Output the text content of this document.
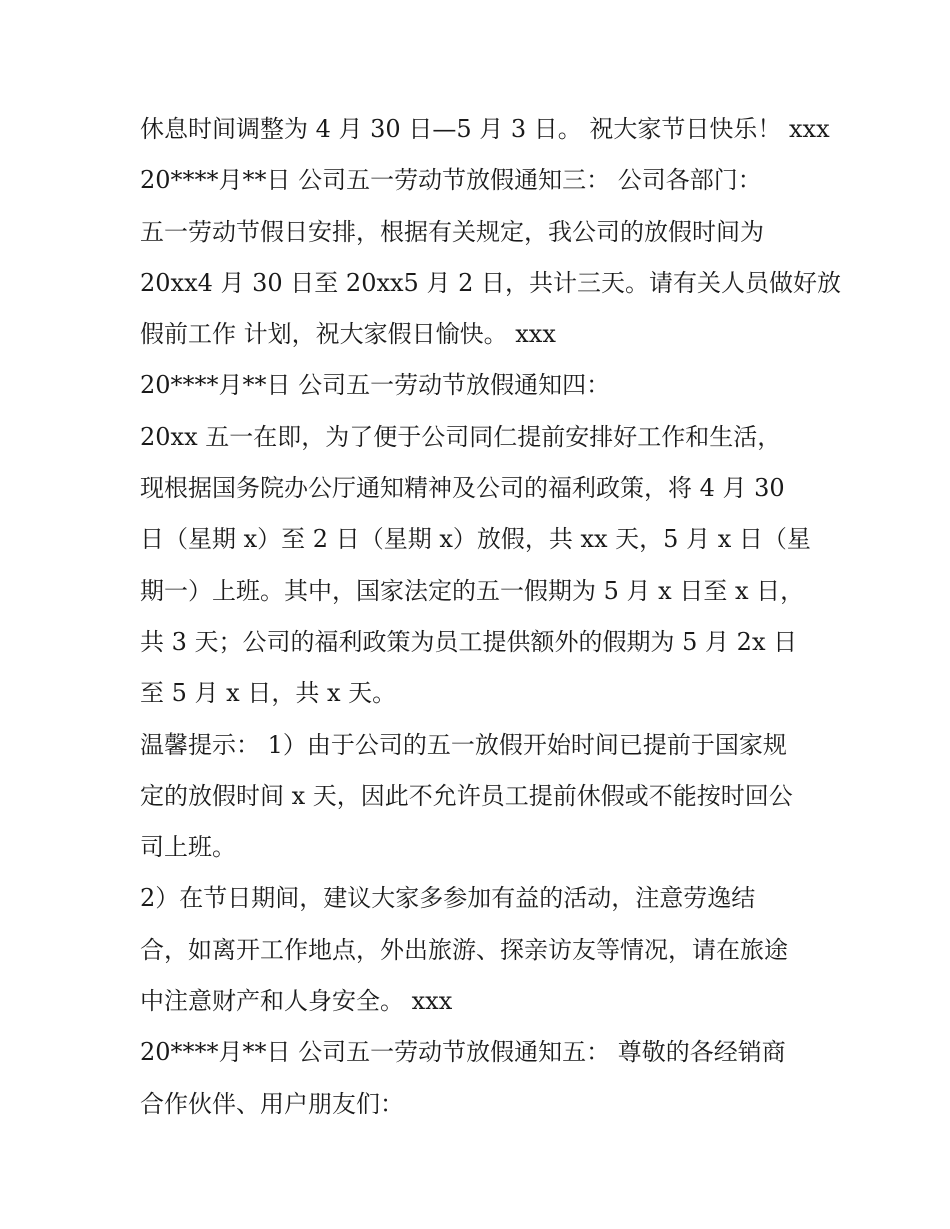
休息时间调整为 4 月 30 日—5 月 3 日。 祝大家节日快乐！ xxx
20****月**日 公司五一劳动节放假通知三： 公司各部门：
五一劳动节假日安排，根据有关规定，我公司的放假时间为
20xx4 月 30 日至 20xx5 月 2 日，共计三天。请有关人员做好放
假前工作 计划，祝大家假日愉快。 xxx
20****月**日 公司五一劳动节放假通知四：
20xx 五一在即，为了便于公司同仁提前安排好工作和生活，
现根据国务院办公厅通知精神及公司的福利政策，将 4 月 30
日（星期 x）至 2 日（星期 x）放假，共 xx 天，5 月 x 日（星
期一）上班。其中，国家法定的五一假期为 5 月 x 日至 x 日，
共 3 天；公司的福利政策为员工提供额外的假期为 5 月 2x 日
至 5 月 x 日，共 x 天。
温馨提示： 1）由于公司的五一放假开始时间已提前于国家规
定的放假时间 x 天，因此不允许员工提前休假或不能按时回公
司上班。
2）在节日期间，建议大家多参加有益的活动，注意劳逸结
合，如离开工作地点，外出旅游、探亲访友等情况，请在旅途
中注意财产和人身安全。 xxx
20****月**日 公司五一劳动节放假通知五： 尊敬的各经销商
合作伙伴、用户朋友们：
